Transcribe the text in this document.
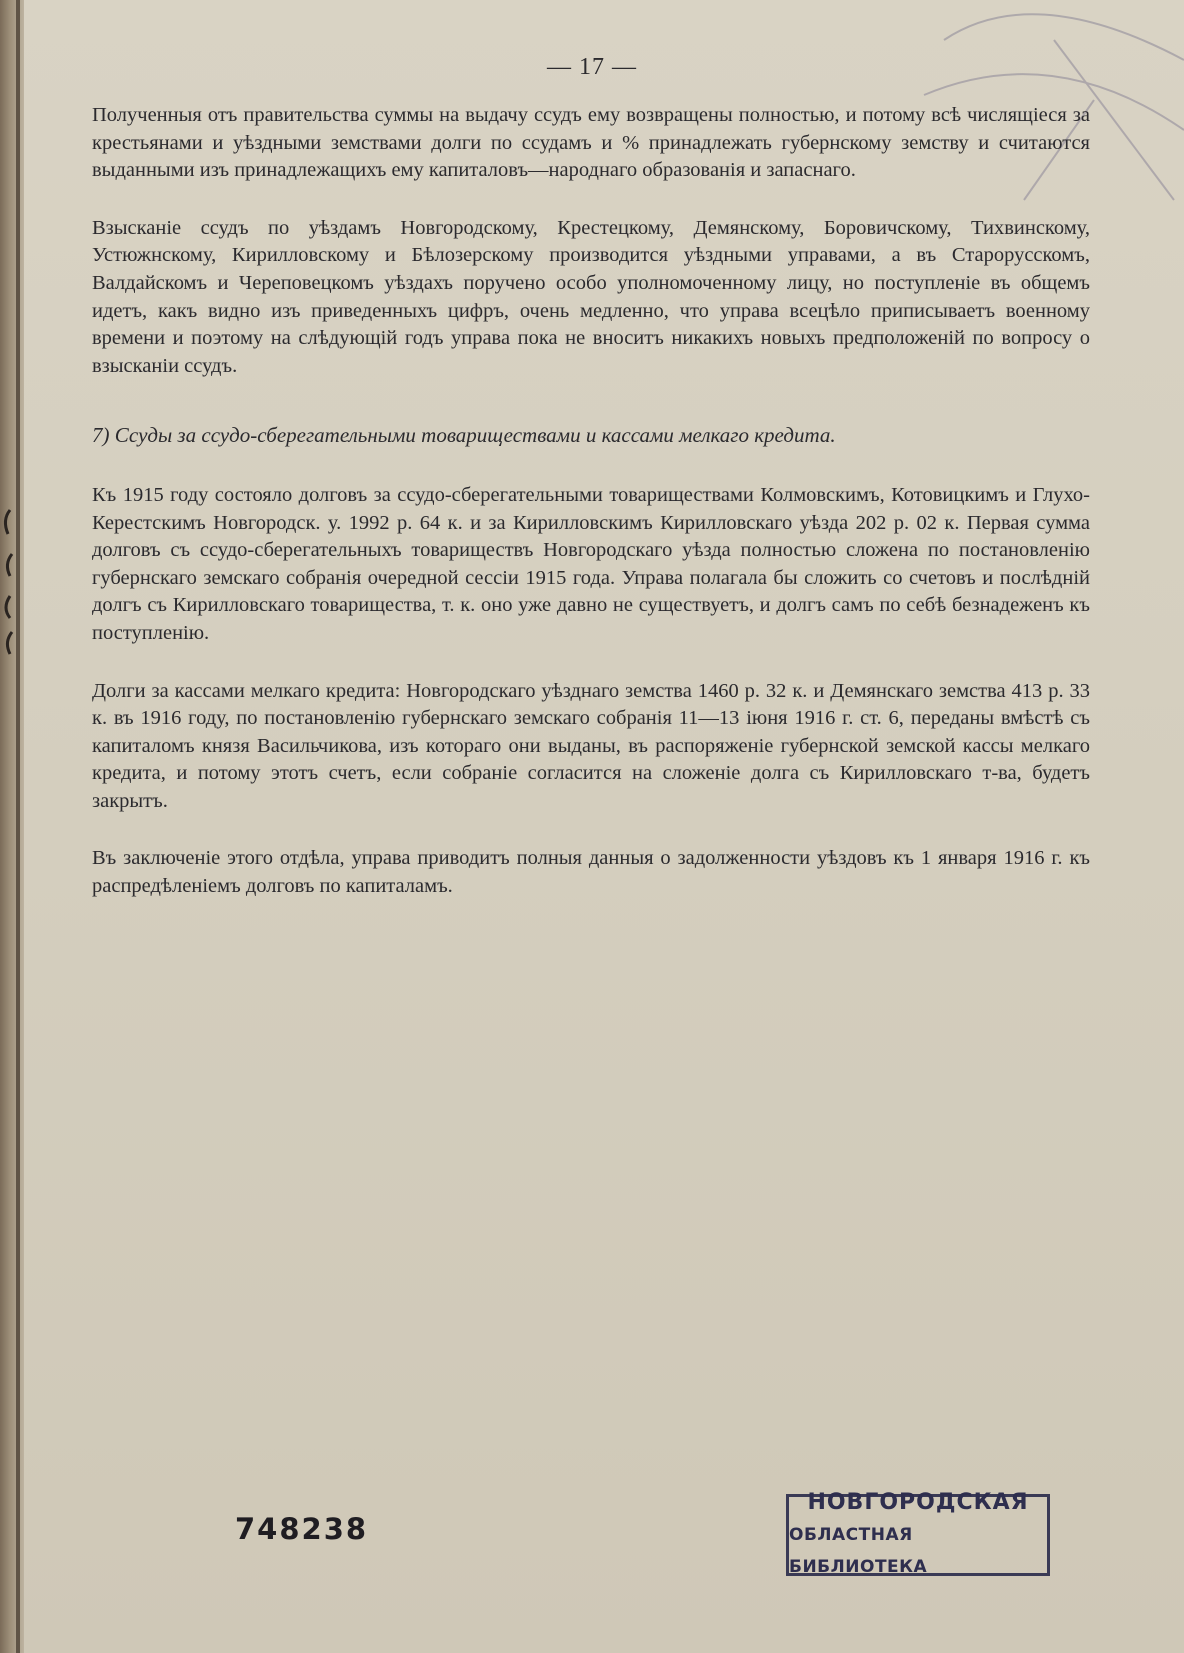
— 17 —

Полученныя отъ правительства суммы на выдачу ссудъ ему возвращены полностью, и потому всѣ числящіеся за крестьянами и уѣздными земствами долги по ссудамъ и % принадлежать губернскому земству и считаются выданными изъ принадлежащихъ ему капиталовъ—народнаго образованія и запаснаго.

Взысканіе ссудъ по уѣздамъ Новгородскому, Крестецкому, Демянскому, Боровичскому, Тихвинскому, Устюжнскому, Кирилловскому и Бѣлозерскому производится уѣздными управами, а въ Старорусскомъ, Валдайскомъ и Череповецкомъ уѣздахъ поручено особо уполномоченному лицу, но поступленіе въ общемъ идетъ, какъ видно изъ приведенныхъ цифръ, очень медленно, что управа всецѣло приписываетъ военному времени и поэтому на слѣдующій годъ управа пока не вноситъ никакихъ новыхъ предположеній по вопросу о взысканіи ссудъ.

7) Ссуды за ссудо-сберегательными товариществами и кассами мелкаго кредита.

Къ 1915 году состояло долговъ за ссудо-сберегательными товариществами Колмовскимъ, Котовицкимъ и Глухо-Керестскимъ Новгородск. у. 1992 р. 64 к. и за Кирилловскимъ Кирилловскаго уѣзда 202 р. 02 к. Первая сумма долговъ съ ссудо-сберегательныхъ товариществъ Новгородскаго уѣзда полностью сложена по постановленію губернскаго земскаго собранія очередной сессіи 1915 года. Управа полагала бы сложить со счетовъ и послѣдній долгъ съ Кирилловскаго товарищества, т. к. оно уже давно не существуетъ, и долгъ самъ по себѣ безнадеженъ къ поступленію.

Долги за кассами мелкаго кредита: Новгородскаго уѣзднаго земства 1460 р. 32 к. и Демянскаго земства 413 р. 33 к. въ 1916 году, по постановленію губернскаго земскаго собранія 11—13 іюня 1916 г. ст. 6, переданы вмѣстѣ съ капиталомъ князя Васильчикова, изъ котораго они выданы, въ распоряженіе губернской земской кассы мелкаго кредита, и потому этотъ счетъ, если собраніе согласится на сложеніе долга съ Кирилловскаго т-ва, будетъ закрытъ.

Въ заключеніе этого отдѣла, управа приводитъ полныя данныя о задолженности уѣздовъ къ 1 января 1916 г. къ распредѣленіемъ долговъ по капиталамъ.

748238
НОВГОРОДСКАЯ
ОБЛАСТНАЯ БИБЛИОТЕКА
